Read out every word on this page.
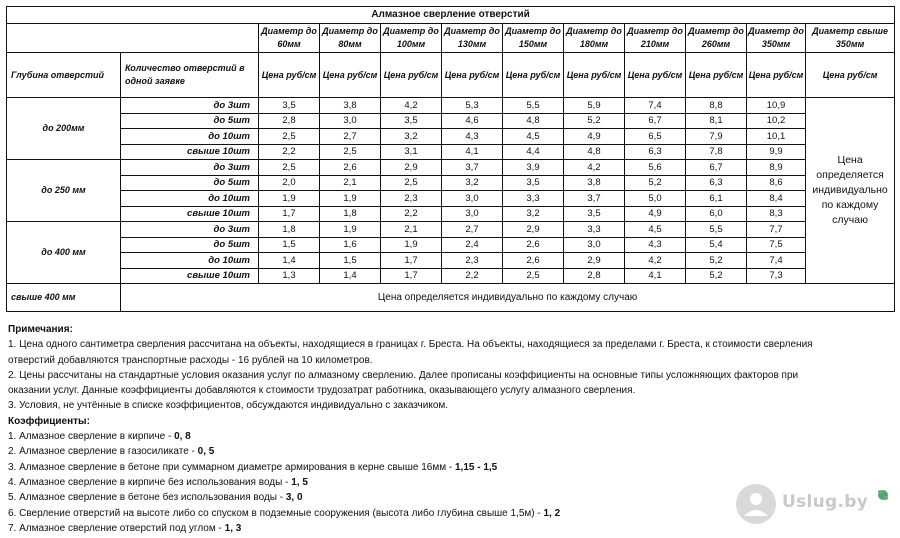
Алмазное сверление отверстий											
		Диаметр до 60мм	Диаметр до 80мм	Диаметр до 100мм	Диаметр до 130мм	Диаметр до 150мм	Диаметр до 180мм	Диаметр до 210мм	Диаметр до 260мм	Диаметр до 350мм	Диаметр свыше 350мм
Глубина отверстий	Количество отверстий в одной заявке	Цена руб/см	Цена руб/см	Цена руб/см	Цена руб/см	Цена руб/см	Цена руб/см	Цена руб/см	Цена руб/см	Цена руб/см	Цена руб/см
до 200мм	до 3шт	3,5	3,8	4,2	5,3	5,5	5,9	7,4	8,8	10,9	Цена определяется индивидуально по каждому случаю
	до 5шт	2,8	3,0	3,5	4,6	4,8	5,2	6,7	8,1	10,2	
	до 10шт	2,5	2,7	3,2	4,3	4,5	4,9	6,5	7,9	10,1	
	свыше 10шт	2,2	2,5	3,1	4,1	4,4	4,8	6,3	7,8	9,9	
до 250 мм	до 3шт	2,5	2,6	2,9	3,7	3,9	4,2	5,6	6,7	8,9	
	до 5шт	2,0	2,1	2,5	3,2	3,5	3,8	5,2	6,3	8,6	
	до 10шт	1,9	1,9	2,3	3,0	3,3	3,7	5,0	6,1	8,4	
	свыше 10шт	1,7	1,8	2,2	3,0	3,2	3,5	4,9	6,0	8,3	
до 400 мм	до 3шт	1,8	1,9	2,1	2,7	2,9	3,3	4,5	5,5	7,7	
	до 5шт	1,5	1,6	1,9	2,4	2,6	3,0	4,3	5,4	7,5	
	до 10шт	1,4	1,5	1,7	2,3	2,6	2,9	4,2	5,2	7,4	
	свыше 10шт	1,3	1,4	1,7	2,2	2,5	2,8	4,1	5,2	7,3	
свыше 400 мм	Цена определяется индивидуально по каждому случаю										

Примечания:

1. Цена одного сантиметра сверления рассчитана на объекты, находящиеся в границах г. Бреста. На объекты, находящиеся за пределами г. Бреста, к стоимости сверления

отверстий добавляются транспортные расходы - 16 рублей на 10 километров.

2. Цены рассчитаны на стандартные условия оказания услуг по алмазному сверлению. Далее прописаны коэффициенты на основные типы усложняющих факторов при

оказании услуг. Данные коэффициенты добавляются к стоимости трудозатрат работника, оказывающего услугу алмазного сверления.

3. Условия, не учтённые в списке коэффициентов, обсуждаются индивидуально с заказчиком.

Коэффициенты:

1. Алмазное сверление в кирпиче - 0, 8

2. Алмазное сверление в газосиликате - 0, 5

3. Алмазное сверление в бетоне при суммарном диаметре армирования в керне свыше 16мм - 1,15 - 1,5

4. Алмазное сверление в кирпиче без использования воды - 1, 5

5. Алмазное сверление в бетоне без использования воды - 3, 0

6. Сверление отверстий на высоте либо со спуском в подземные сооружения (высота либо глубина свыше 1,5м) - 1, 2

7. Алмазное сверление отверстий под углом - 1, 3

Uslug.by
